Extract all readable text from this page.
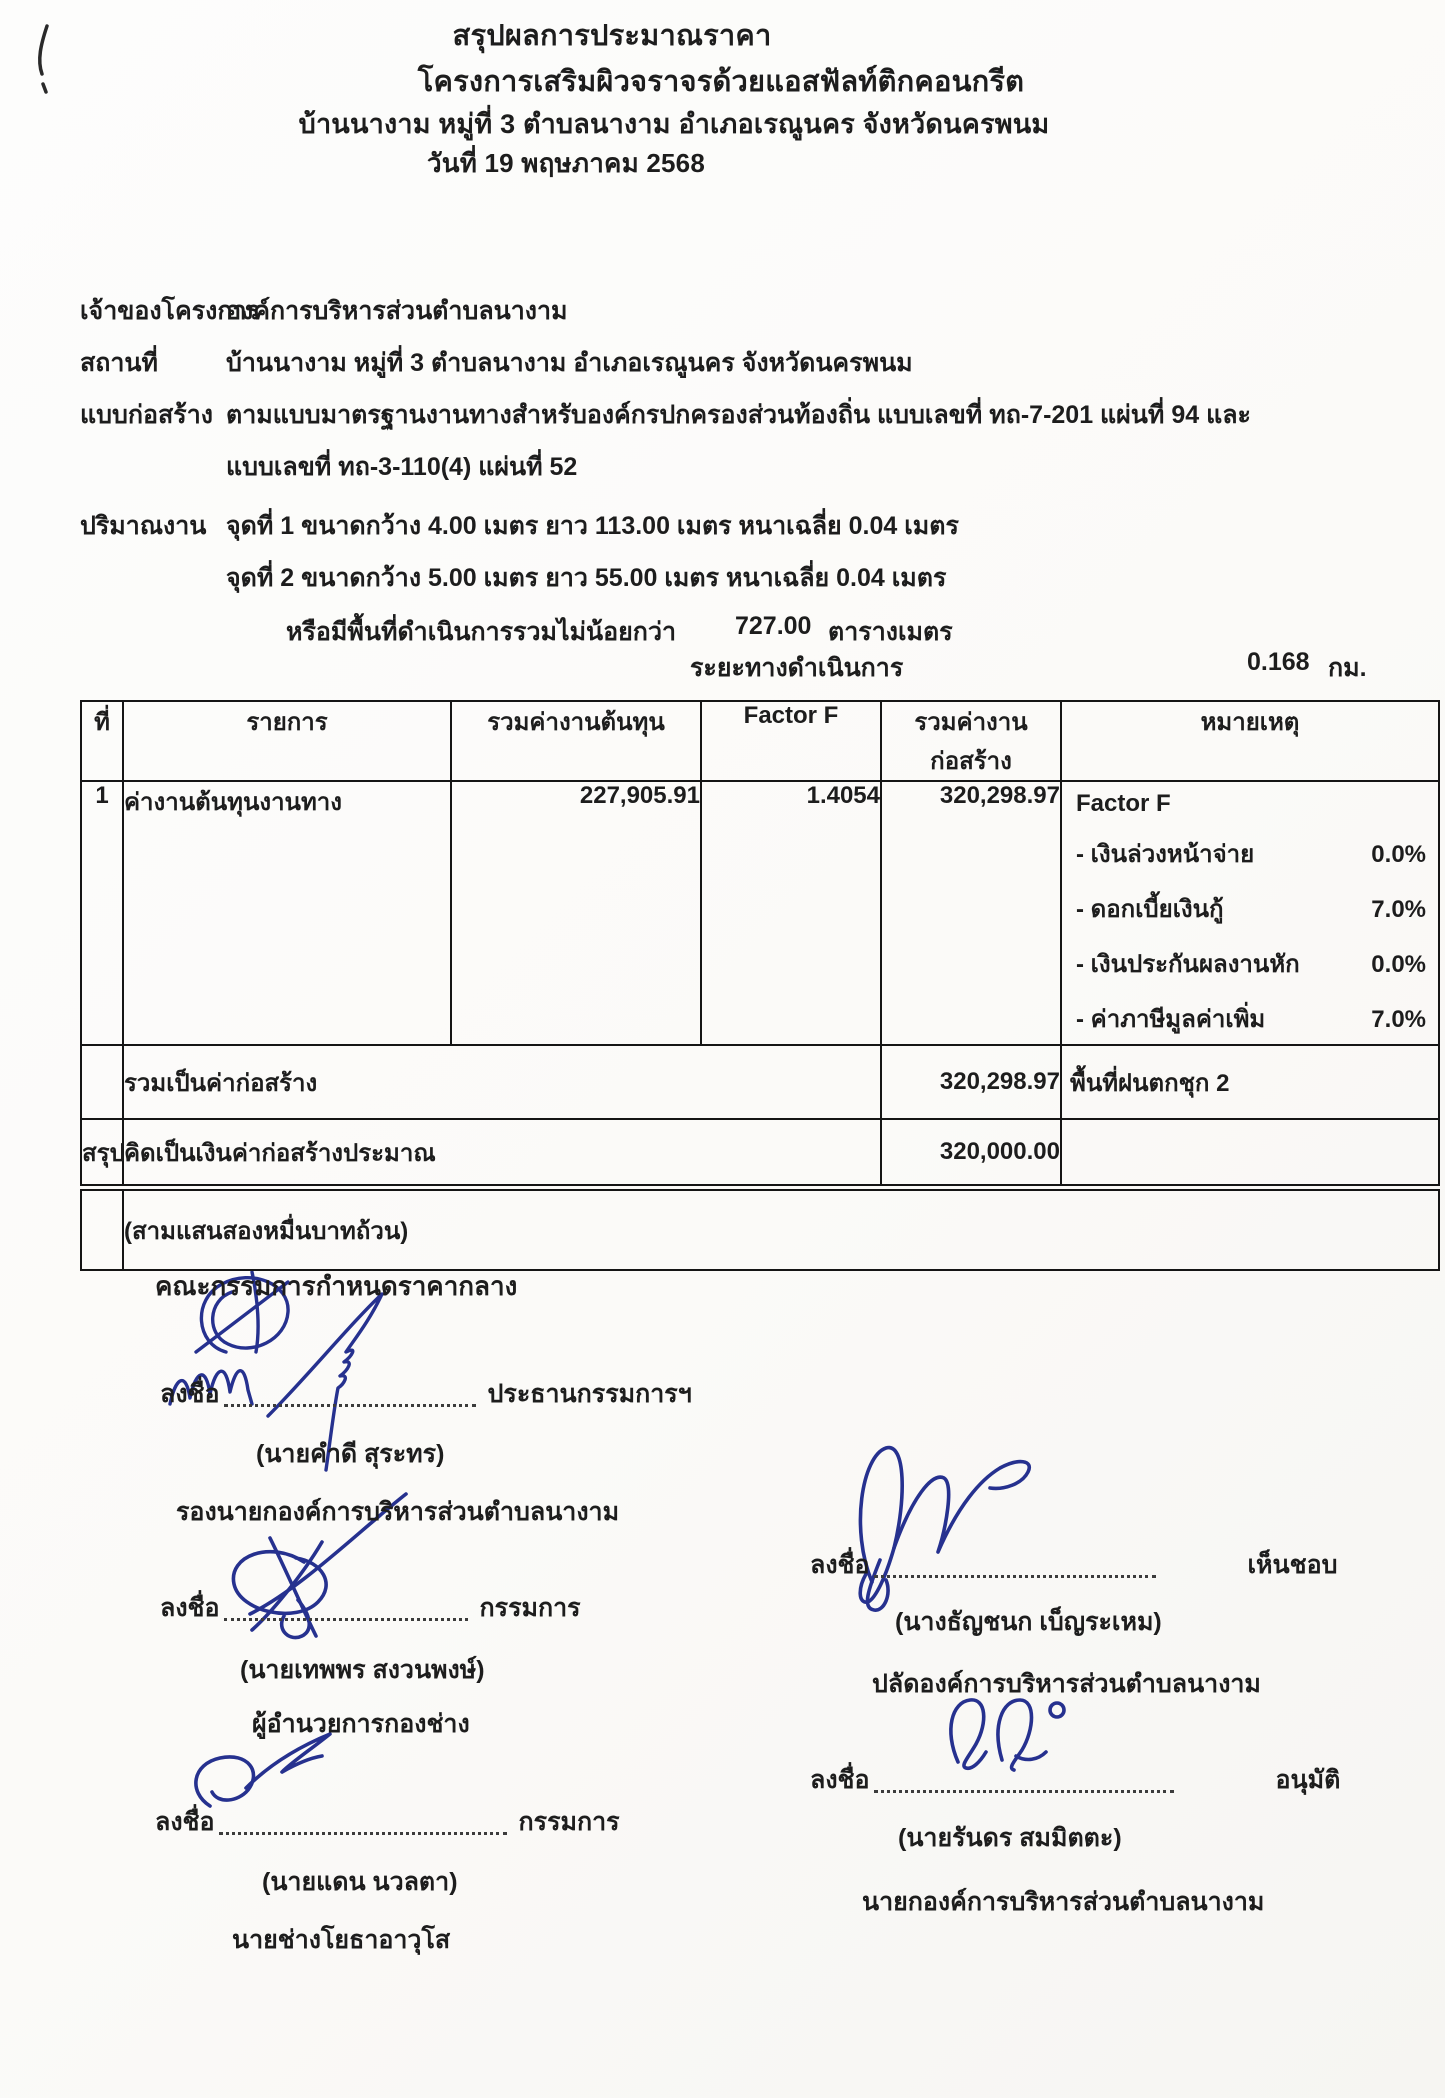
สรุปผลการประมาณราคา
โครงการเสริมผิวจราจรด้วยแอสฟัลท์ติกคอนกรีต
บ้านนางาม หมู่ที่ 3 ตำบลนางาม อำเภอเรณูนคร จังหวัดนครพนม
วันที่ 19 พฤษภาคม 2568
เจ้าของโครงการ
องค์การบริหารส่วนตำบลนางาม
สถานที่	บ้านนางาม หมู่ที่ 3 ตำบลนางาม อำเภอเรณูนคร จังหวัดนครพนม
แบบก่อสร้าง ตามแบบมาตรฐานงานทางสำหรับองค์กรปกครองส่วนท้องถิ่น แบบเลขที่ ทถ-7-201 แผ่นที่ 94 และ
แบบเลขที่ ทถ-3-110(4) แผ่นที่ 52
ปริมาณงาน จุดที่ 1 ขนาดกว้าง 4.00 เมตร ยาว 113.00 เมตร หนาเฉลี่ย 0.04 เมตร
จุดที่ 2 ขนาดกว้าง 5.00 เมตร ยาว 55.00 เมตร หนาเฉลี่ย 0.04 เมตร
หรือมีพื้นที่ดำเนินการรวมไม่น้อยกว่า 727.00 ตารางเมตร
ระยะทางดำเนินการ	0.168 กม.
ที่	รายการ	รวมค่างานต้นทุน	Factor F	รวมค่างานก่อสร้าง	หมายเหตุ
1	ค่างานต้นทุนงานทาง	227,905.91	1.4054	320,298.97	Factor F
- เงินล่วงหน้าจ่าย	0.0%
- ดอกเบี้ยเงินกู้	7.0%
- เงินประกันผลงานหัก	0.0%
- ค่าภาษีมูลค่าเพิ่ม	7.0%

	รวมเป็นค่าก่อสร้าง			320,298.97	พื้นที่ฝนตกชุก 2
สรุป	คิดเป็นเงินค่าก่อสร้างประมาณ			320,000.00	
	(สามแสนสองหมื่นบาทถ้วน)				
คณะกรรมการกำหนดราคากลาง
ลงชื่อ	ประธานกรรมการฯ
(นายคำดี สุระทร)
รองนายกองค์การบริหารส่วนตำบลนางาม
ลงชื่อ	กรรมการ
(นายเทพพร สงวนพงษ์)
ผู้อำนวยการกองช่าง
ลงชื่อ	กรรมการ
(นายแดน นวลตา)
นายช่างโยธาอาวุโส
ลงชื่อ	เห็นชอบ
(นางธัญชนก เบ็ญระเหม)
ปลัดองค์การบริหารส่วนตำบลนางาม
ลงชื่อ	อนุมัติ
(นายรันดร สมมิตตะ)
นายกองค์การบริหารส่วนตำบลนางาม
